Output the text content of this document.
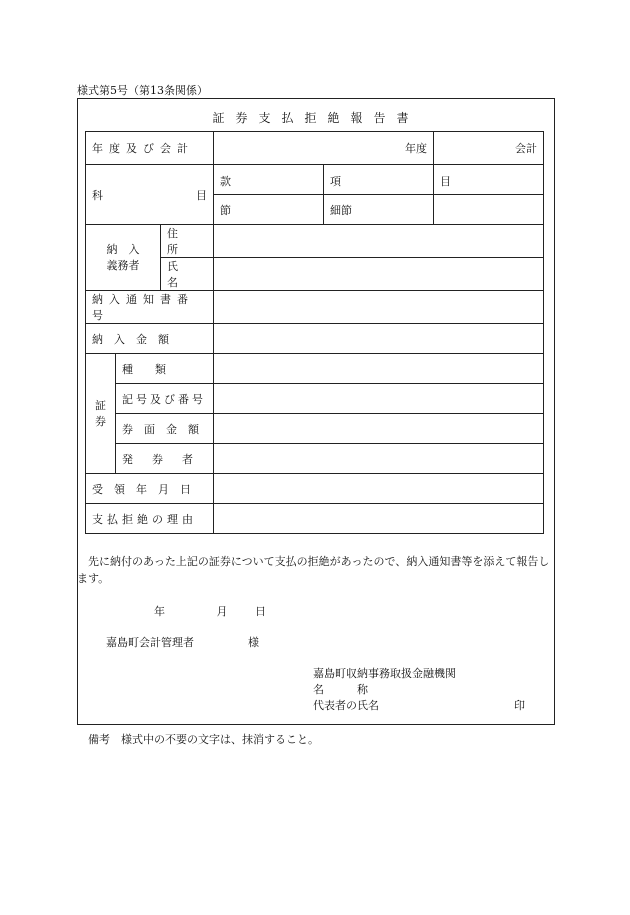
様式第5号（第13条関係）
証券支払拒絶報告書
年度及び会計			年度		会計

科 目			款	項	目
			節	細節	

納　入
義務者		住　所			
		氏　名			
納入通知書番号					
納　入　金　額					

証
券	種　　類				
	記号及び番号				
	券　面　金　額				
	発　券　者				
受　領　年　月　日					
支払拒絶の理由					
先に納付のあった上記の証券について支払の拒絶があったので、納入通知書等を添えて報告します。
年	月	日
嘉島町会計管理者	様
嘉島町収納事務取扱金融機関
名　　　称
代表者の氏名	印
備考　様式中の不要の文字は、抹消すること。
